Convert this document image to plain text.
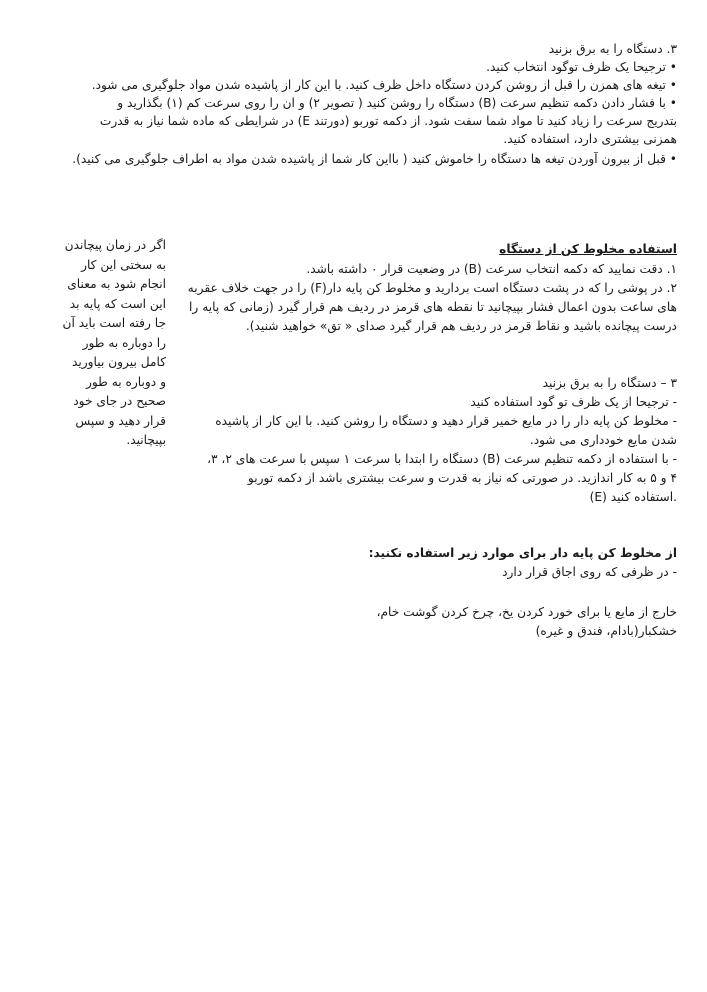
۳. دستگاه را به برق بزنید
• ترجیحا یک ظرف توگود انتخاب کنید.
• تیغه های همزن را قبل از روشن کردن دستگاه داخل ظرف کنید. با این کار از پاشیده شدن مواد جلوگیری می شود.
• با فشار دادن دکمه تنظیم سرعت (B) دستگاه را روشن کنید ( تصویر ۲) و ان را روی سرعت کم (۱) بگذارید و
بتدریج سرعت را زیاد کنید تا مواد شما سفت شود. از دکمه توربو (دورتند E) در شرایطی که ماده شما نیاز به قدرت
همزنی بیشتری دارد، استفاده کنید.
• قبل از بیرون آوردن تیغه ها دستگاه را خاموش کنید ( بااین کار شما از پاشیده شدن مواد به اطراف جلوگیری می کنید).
اگر در زمان پیچاندن
به سختی این کار
انجام شود به معنای
این است که پایه بد
جا رفته است باید آن
را دوباره به طور
کامل بیرون بیاورید
و دوباره به طور
صحیح در جای خود
قرار دهید و سپس
بپیچانید.
استفاده مخلوط کن از دستگاه
۱. دقت نمایید که دکمه انتخاب سرعت (B) در وضعیت قرار ۰ داشته باشد.
۲. در پوشی را که در پشت دستگاه است بردارید و مخلوط کن پایه دار(F) را در جهت خلاف عقربه
های ساعت بدون اعمال فشار بپیچانید تا نقطه های قرمز در ردیف هم قرار گیرد (زمانی که پایه را
درست پیچانده باشید و نقاط قرمز در ردیف هم قرار گیرد صدای « تق» خواهید شنید).
۳ – دستگاه را به برق بزنید
- ترجیحا از یک ظرف تو گود استفاده کنید
- مخلوط کن پایه دار را در مایع خمیر قرار دهید و دستگاه را روشن کنید. با این کار از پاشیده
شدن مایع خودداری می شود.
- با استفاده از دکمه تنظیم سرعت (B) دستگاه را ابتدا با سرعت ۱ سپس با سرعت های ۲، ۳،
۴ و ۵ به کار اندازید. در صورتی که نیاز به قدرت و سرعت بیشتری باشد از دکمه توربو
(E) استفاده کنید.
از مخلوط کن پایه دار برای موارد زیر استفاده نکنید:
- در ظرفی که روی اجاق قرار دارد
خارج از مایع یا برای خورد کردن یخ، چرخ کردن گوشت خام،
خشکبار(بادام، فندق و غیره)
